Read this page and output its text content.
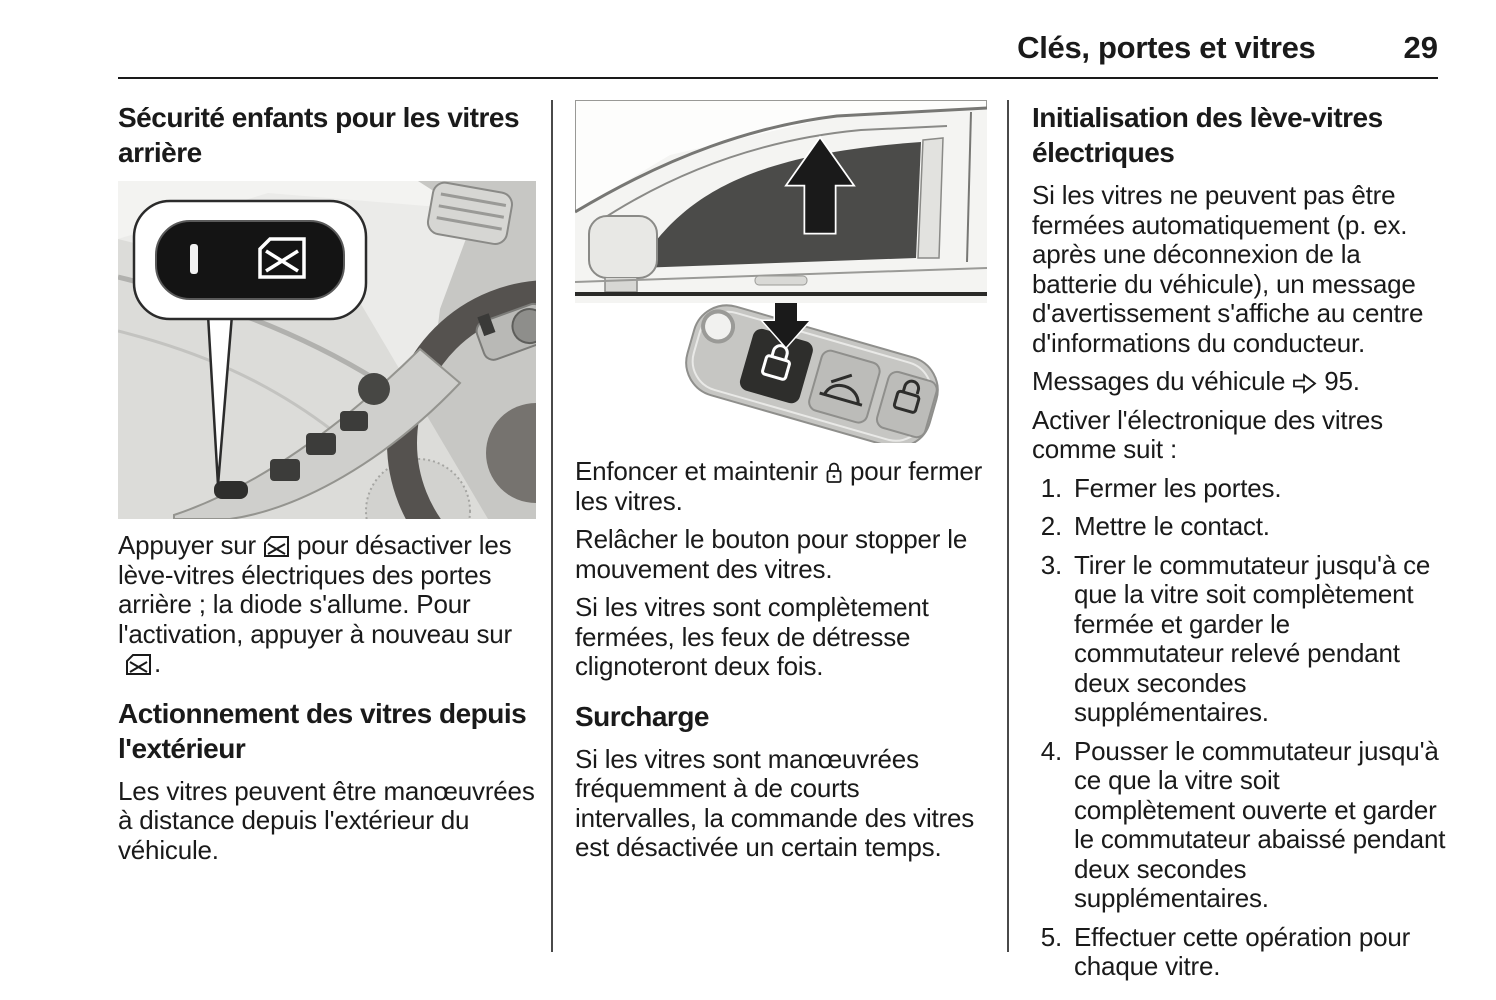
Clés, portes et vitres	29
Sécurité enfants pour les vitres arrière

Appuyer sur pour désactiver les lève-vitres électriques des portes arrière ; la diode s'allume. Pour l'activation, appuyer à nouveau sur.

Actionnement des vitres depuis l'extérieur

Les vitres peuvent être manœuvrées à distance depuis l'extérieur du véhicule.

Enfoncer et maintenir pour fermer les vitres.

Relâcher le bouton pour stopper le mouvement des vitres.

Si les vitres sont complètement fermées, les feux de détresse clignoteront deux fois.

Surcharge

Si les vitres sont manœuvrées fréquemment à de courts intervalles, la commande des vitres est désactivée un certain temps.

Initialisation des lève-vitres électriques

Si les vitres ne peuvent pas être fermées automatiquement (p. ex. après une déconnexion de la batterie du véhicule), un message d'avertissement s'affiche au centre d'informations du conducteur.

Messages du véhicule 95.

Activer l'électronique des vitres comme suit :

Fermer les portes.
Mettre le contact.
Tirer le commutateur jusqu'à ce que la vitre soit complètement fermée et garder le commutateur relevé pendant deux secondes supplémentaires.
Pousser le commutateur jusqu'à ce que la vitre soit complètement ouverte et garder le commutateur abaissé pendant deux secondes supplémentaires.
Effectuer cette opération pour chaque vitre.
